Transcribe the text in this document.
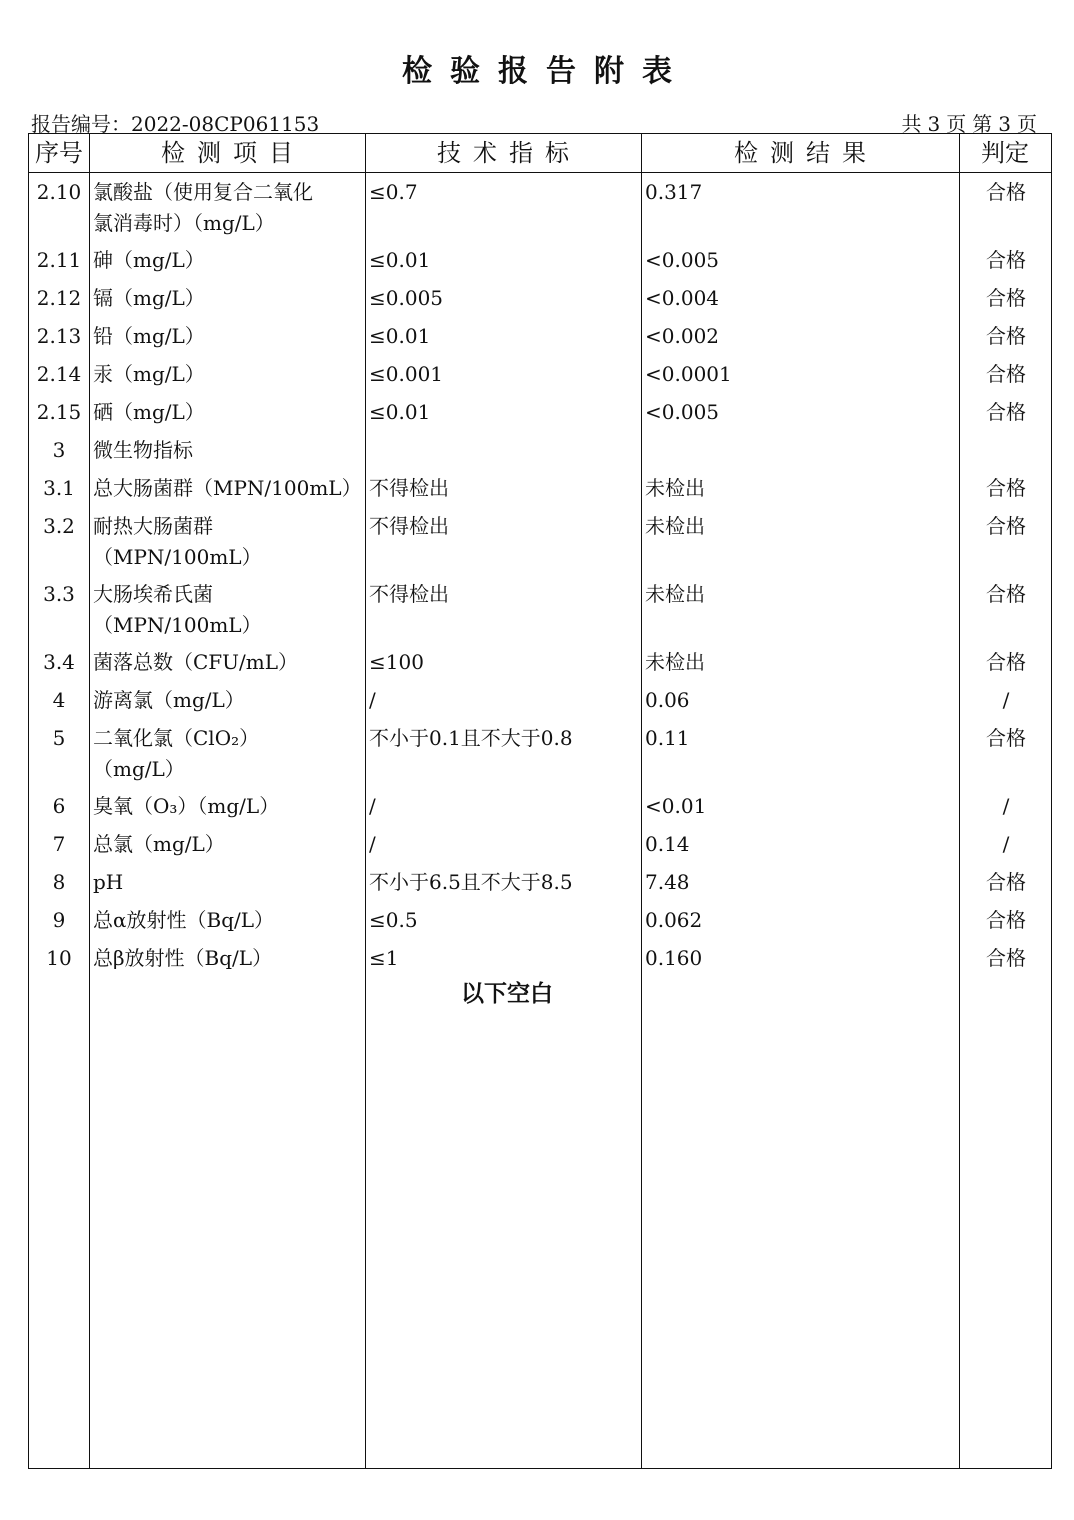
检验报告附表
报告编号：2022-08CP061153	共 3 页 第 3 页
序号	检测项目	技术指标	检测结果	判定
2.10 氯酸盐（使用复合二氧化
氯消毒时）（mg/L）
≤0.7	0.317	合格
2.11 砷（mg/L）	≤0.01	<0.005	合格
2.12 镉（mg/L）	≤0.005	<0.004	合格
2.13 铅（mg/L）	≤0.01	<0.002	合格
2.14 汞（mg/L）	≤0.001	<0.0001	合格
2.15 硒（mg/L）	≤0.01	<0.005	合格
3	微生物指标
3.1 总大肠菌群（MPN/100mL） 不得检出	未检出	合格
3.2 耐热大肠菌群
（MPN/100mL）
不得检出	未检出	合格
3.3 大肠埃希氏菌
（MPN/100mL）
不得检出	未检出	合格
3.4 菌落总数（CFU/mL）	≤100	未检出	合格
4	游离氯（mg/L）	/	0.06	/
5	二氧化氯（ClO₂）
（mg/L）
不小于0.1且不大于0.8	0.11	合格
6	臭氧（O₃）（mg/L）	/	<0.01	/
7	总氯（mg/L）	/	0.14	/
8	pH	不小于6.5且不大于8.5	7.48	合格
9	总α放射性（Bq/L）	≤0.5	0.062	合格
10	总β放射性（Bq/L）	≤1	0.160	合格
以下空白
